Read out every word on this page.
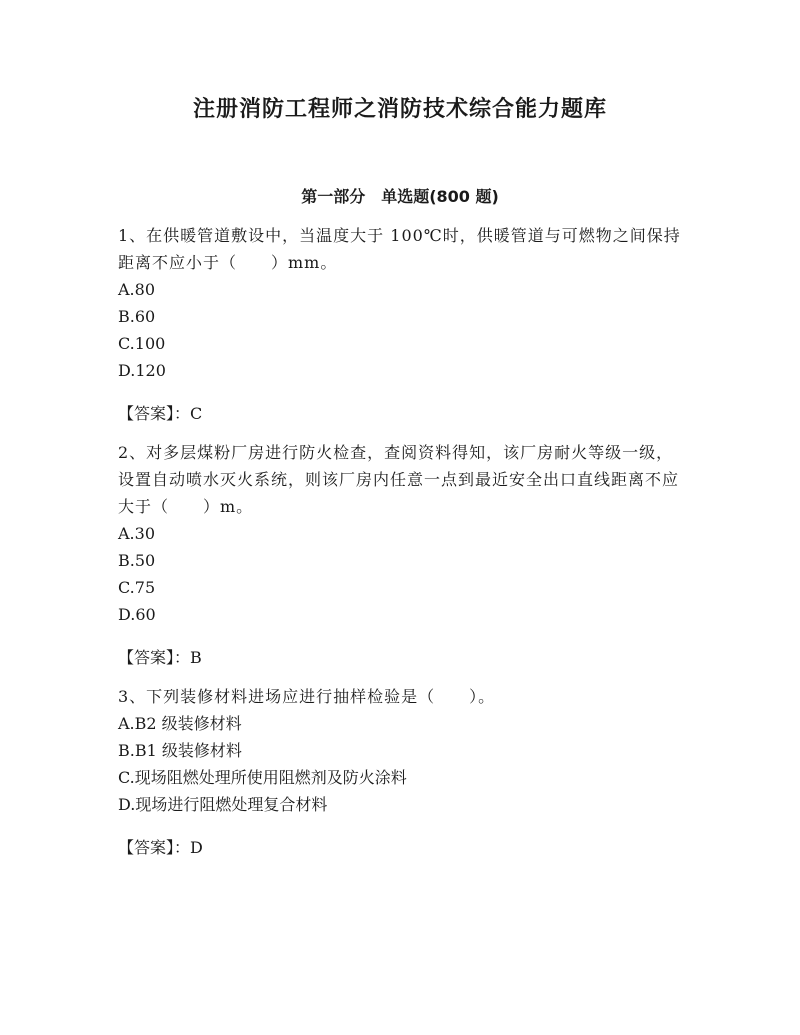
注册消防工程师之消防技术综合能力题库
第一部分　单选题(800 题)
1、在供暖管道敷设中，当温度大于 100℃时，供暖管道与可燃物之间保持距离不应小于（　　）mm。
A.80
B.60
C.100
D.120
【答案】：C
2、对多层煤粉厂房进行防火检查，查阅资料得知，该厂房耐火等级一级，设置自动喷水灭火系统，则该厂房内任意一点到最近安全出口直线距离不应大于（　　）m。
A.30
B.50
C.75
D.60
【答案】：B
3、下列装修材料进场应进行抽样检验是（　　）。
A.B2 级装修材料
B.B1 级装修材料
C.现场阻燃处理所使用阻燃剂及防火涂料
D.现场进行阻燃处理复合材料
【答案】：D
